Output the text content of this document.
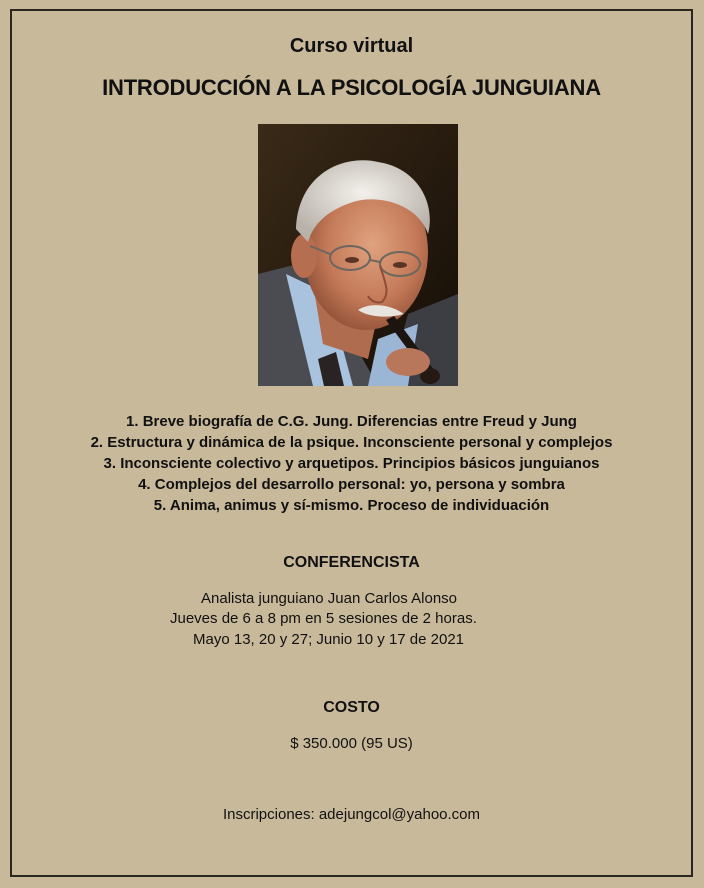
Curso virtual
INTRODUCCIÓN A LA PSICOLOGÍA JUNGUIANA
1. Breve biografía de C.G. Jung. Diferencias entre Freud y Jung
2. Estructura y dinámica de la psique. Inconsciente personal y complejos
3. Inconsciente colectivo y arquetipos. Principios básicos junguianos
4. Complejos del desarrollo personal: yo, persona y sombra
5. Anima, animus y sí-mismo. Proceso de individuación
CONFERENCISTA
Analista junguiano Juan Carlos Alonso
Jueves de 6 a 8 pm en 5 sesiones de 2 horas.
Mayo 13, 20 y 27; Junio 10 y 17 de 2021
COSTO
$ 350.000 (95 US)
Inscripciones: adejungcol@yahoo.com
